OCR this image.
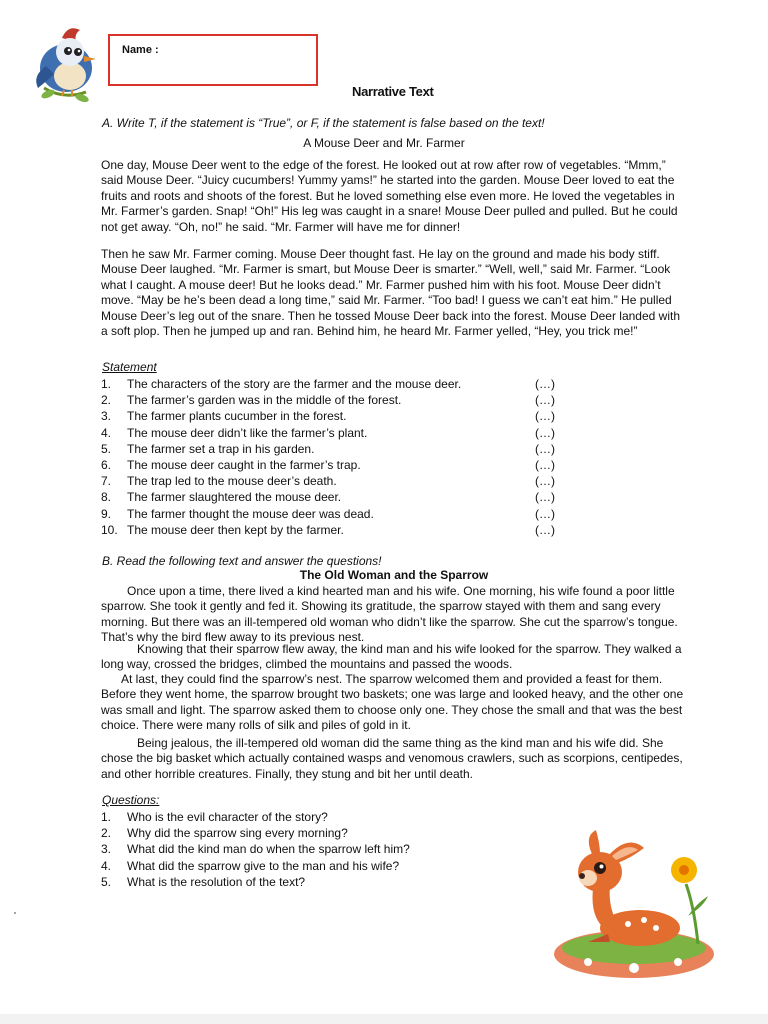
Name :
Narrative Text
A. Write T, if the statement is “True”, or F, if the statement is false based on the text!
A Mouse Deer and Mr. Farmer
One day, Mouse Deer went to the edge of the forest. He looked out at row after row of vegetables. “Mmm,” said Mouse Deer. “Juicy cucumbers! Yummy yams!” he started into the garden. Mouse Deer loved to eat the fruits and roots and shoots of the forest. But he loved something else even more. He loved the vegetables in Mr. Farmer’s garden. Snap! “Oh!” His leg was caught in a snare! Mouse Deer pulled and pulled. But he could not get away. “Oh, no!” he said. “Mr. Farmer will have me for dinner!
Then he saw Mr. Farmer coming. Mouse Deer thought fast. He lay on the ground and made his body stiff. Mouse Deer laughed. “Mr. Farmer is smart, but Mouse Deer is smarter.” “Well, well,” said Mr. Farmer. “Look what I caught. A mouse deer! But he looks dead.” Mr. Farmer pushed him with his foot. Mouse Deer didn’t move. “May be he’s been dead a long time,” said Mr. Farmer. “Too bad! I guess we can’t eat him.” He pulled Mouse Deer’s leg out of the snare. Then he tossed Mouse Deer back into the forest. Mouse Deer landed with a soft plop. Then he jumped up and ran. Behind him, he heard Mr. Farmer yelled, “Hey, you trick me!”
Statement
1.	The characters of the story are the farmer and the mouse deer.	(…)
2.	The farmer’s garden was in the middle of the forest.	(…)
3.	The farmer plants cucumber in the forest.	(…)
4.	The mouse deer didn’t like the farmer’s plant.	(…)
5.	The farmer set a trap in his garden.	(…)
6.	The mouse deer caught in the farmer’s trap.	(…)
7.	The trap led to the mouse deer’s death.	(…)
8.	The farmer slaughtered the mouse deer.	(…)
9.	The farmer thought the mouse deer was dead.	(…)
10. The mouse deer then kept by the farmer.	(…)
B. Read the following text and answer the questions!
The Old Woman and the Sparrow
Once upon a time, there lived a kind hearted man and his wife. One morning, his wife found a poor little sparrow. She took it gently and fed it. Showing its gratitude, the sparrow stayed with them and sang every morning. But there was an ill-tempered old woman who didn’t like the sparrow. She cut the sparrow’s tongue. That’s why the bird flew away to its previous nest.
Knowing that their sparrow flew away, the kind man and his wife looked for the sparrow. They walked a long way, crossed the bridges, climbed the mountains and passed the woods.
At last, they could find the sparrow’s nest. The sparrow welcomed them and provided a feast for them. Before they went home, the sparrow brought two baskets; one was large and looked heavy, and the other one was small and light. The sparrow asked them to choose only one. They chose the small and that was the best choice. There were many rolls of silk and piles of gold in it.
Being jealous, the ill-tempered old woman did the same thing as the kind man and his wife did. She chose the big basket which actually contained wasps and venomous crawlers, such as scorpions, centipedes, and other horrible creatures. Finally, they stung and bit her until death.
Questions:
1.	Who is the evil character of the story?
2.	Why did the sparrow sing every morning?
3.	What did the kind man do when the sparrow left him?
4.	What did the sparrow give to the man and his wife?
5.	What is the resolution of the text?
